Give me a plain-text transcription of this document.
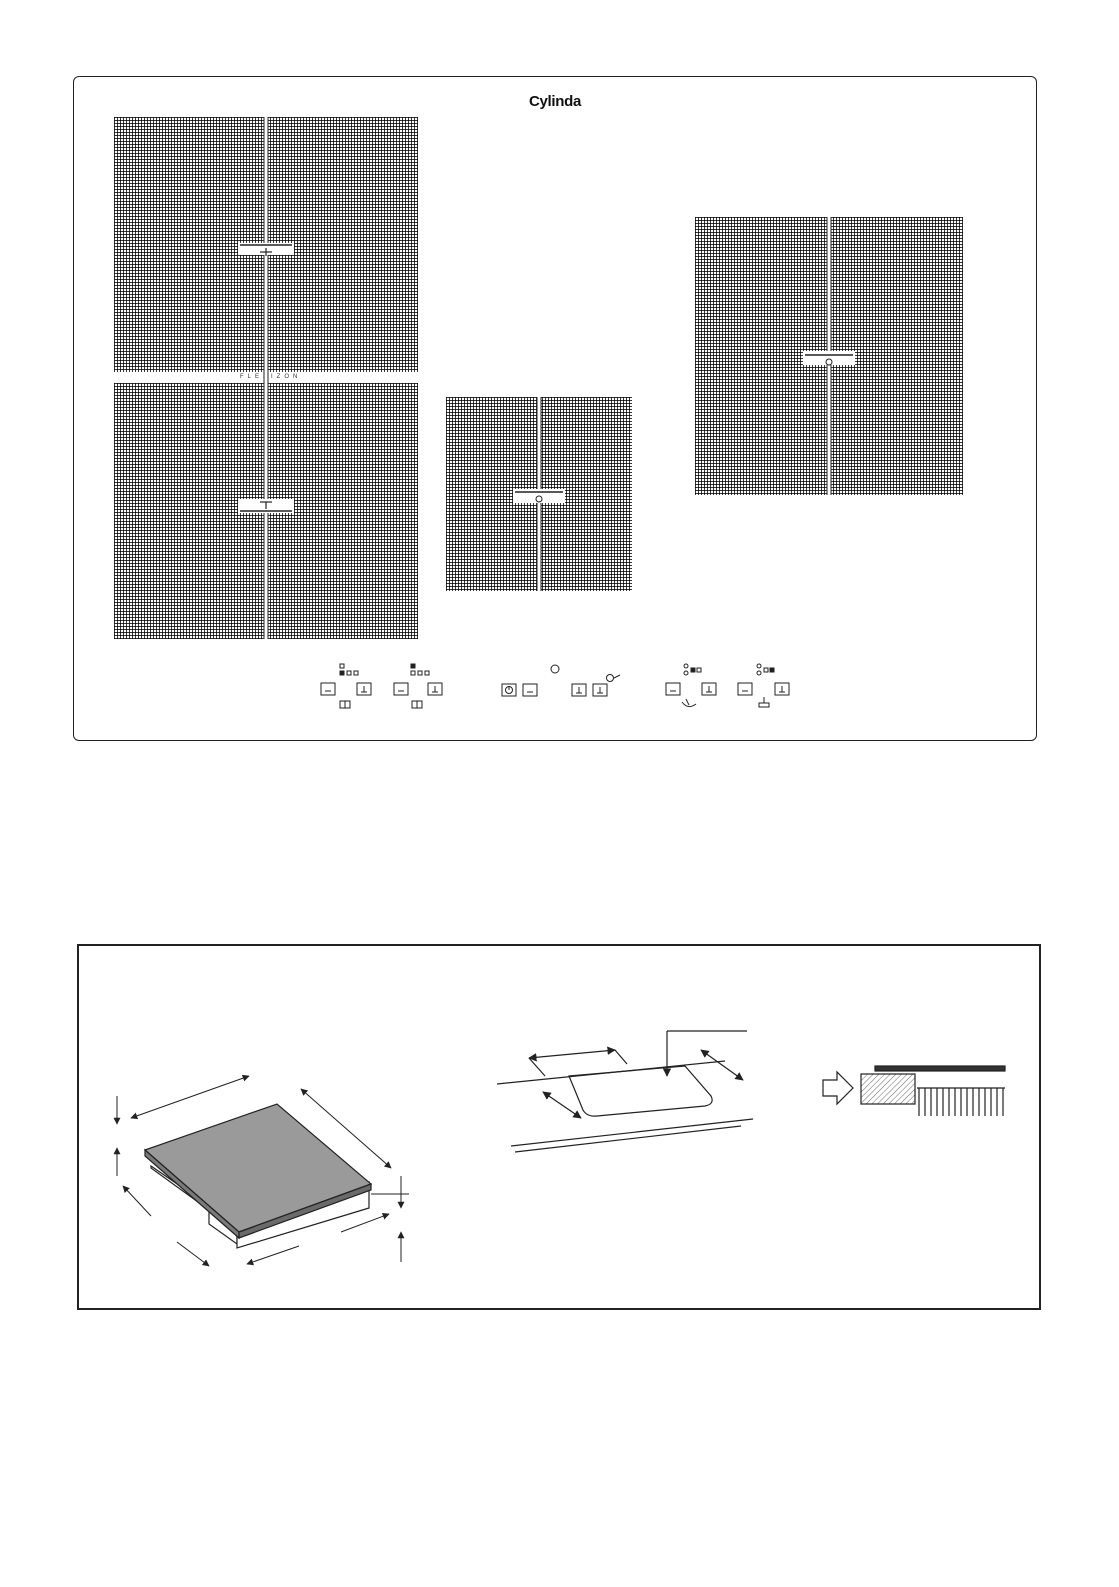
Cylinda
FLEXIZON
